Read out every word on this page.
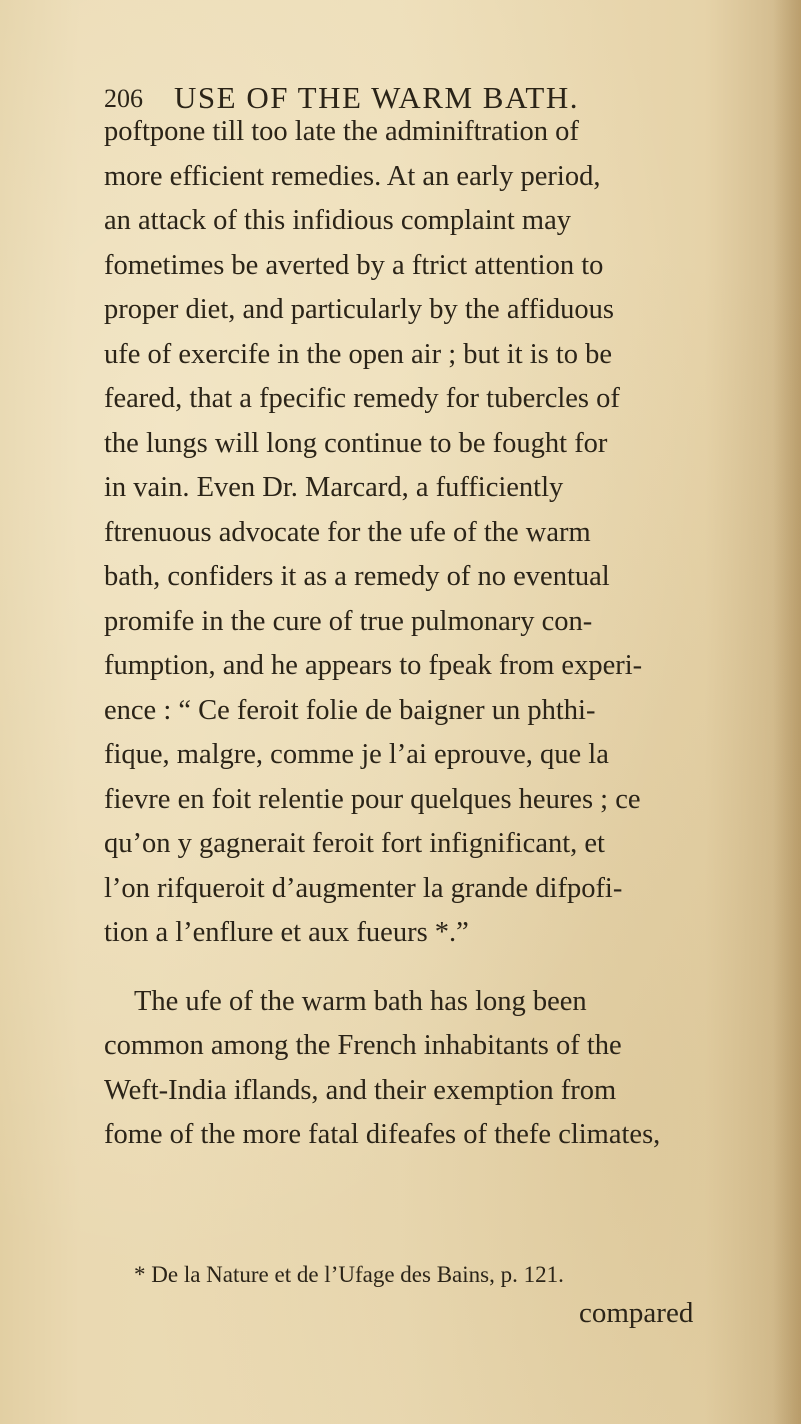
206 USE OF THE WARM BATH.
poftpone till too late the adminiftration of
more efficient remedies. At an early period,
an attack of this infidious complaint may
fometimes be averted by a ftrict attention to
proper diet, and particularly by the affiduous
ufe of exercife in the open air ; but it is to be
feared, that a fpecific remedy for tubercles of
the lungs will long continue to be fought for
in vain. Even Dr. Marcard, a fufficiently
ftrenuous advocate for the ufe of the warm
bath, confiders it as a remedy of no eventual
promife in the cure of true pulmonary con-
fumption, and he appears to fpeak from experi-
ence : “ Ce feroit folie de baigner un phthi-
fique, malgre, comme je l’ai eprouve, que la
fievre en foit relentie pour quelques heures ; ce
qu’on y gagnerait feroit fort infignificant, et
l’on rifqueroit d’augmenter la grande difpofi-
tion a l’enflure et aux fueurs *.”
The ufe of the warm bath has long been
common among the French inhabitants of the
Weft-India iflands, and their exemption from
fome of the more fatal difeafes of thefe climates,
* De la Nature et de l’Ufage des Bains, p. 121.
compared
